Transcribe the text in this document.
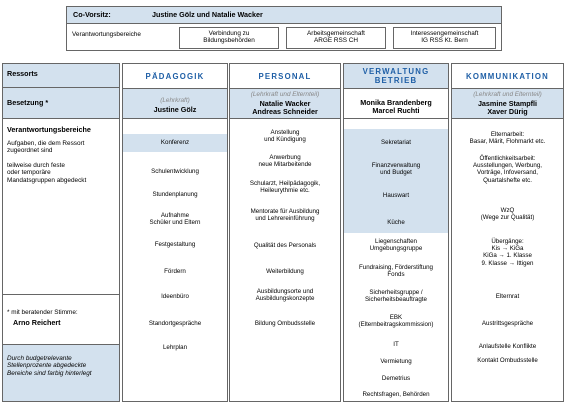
Co-Vorsitz:	Justine Gölz und Natalie Wacker
Verantwortungsbereiche	Verbindung zu
Bildungsbehörden
Arbeitsgemeinschaft
ARGE RSS CH
Interessengemeinschaft
IG RSS Kt. Bern
Ressorts
Besetzung *
Verantwortungsbereiche
Aufgaben, die dem Ressort
zugeordnet sind
teilweise durch feste
oder temporäre
Mandatsgruppen abgedeckt
* mit beratender Stimme:
Arno Reichert
Durch budgetrelevante
Stellenprozente abgedeckte
Bereiche sind farbig hinterlegt
PÄDAGOGIK
(Lehrkraft)
Justine Gölz
Konferenz
Schulentwicklung
Stundenplanung
Aufnahme
Schüler und Eltern
Festgestaltung
Fördern
Ideenbüro
Standortgespräche
Lehrplan
PERSONAL
(Lehrkraft und Elternteil)
Natalie Wacker
Andreas Schneider
Anstellung
und Kündigung
Anwerbung
neue Mitarbeitende
Schularzt, Heilpädagogik,
Heileurythmie etc.
Mentorate für Ausbildung
und Lehrereinführung
Qualität des Personals
Weiterbildung
Ausbildungsorte und
Ausbildungskonzepte
Bildung Ombudsstelle
VERWALTUNG
BETRIEB
Monika Brandenberg
Marcel Ruchti
Sekretariat
Finanzverwaltung
und Budget
Hauswart
Küche
Liegenschaften
Umgebungsgruppe
Fundraising, Förderstiftung
Fonds
Sicherheitsgruppe /
Sicherheitsbeauftragte
EBK
(Elternbeitragskommission)
IT
Vermietung
Demetrius
Rechtsfragen, Behörden
KOMMUNIKATION
(Lehrkraft und Elternteil)
Jasmine Stampfli
Xaver Dürig
Elternarbeit:
Basar, Märit, Flohmarkt etc.
Öffentlichkeitsarbeit:
Ausstellungen, Werbung,
Vorträge, Infoversand,
Quartalshefte etc.
WzQ
(Wege zur Qualität)
Übergänge:
Kis → KiGa
KiGa → 1. Klasse
9. Klasse → Ittigen
Elternrat
Austrittsgespräche
Anlaufstelle Konflikte
Kontakt Ombudsstelle
